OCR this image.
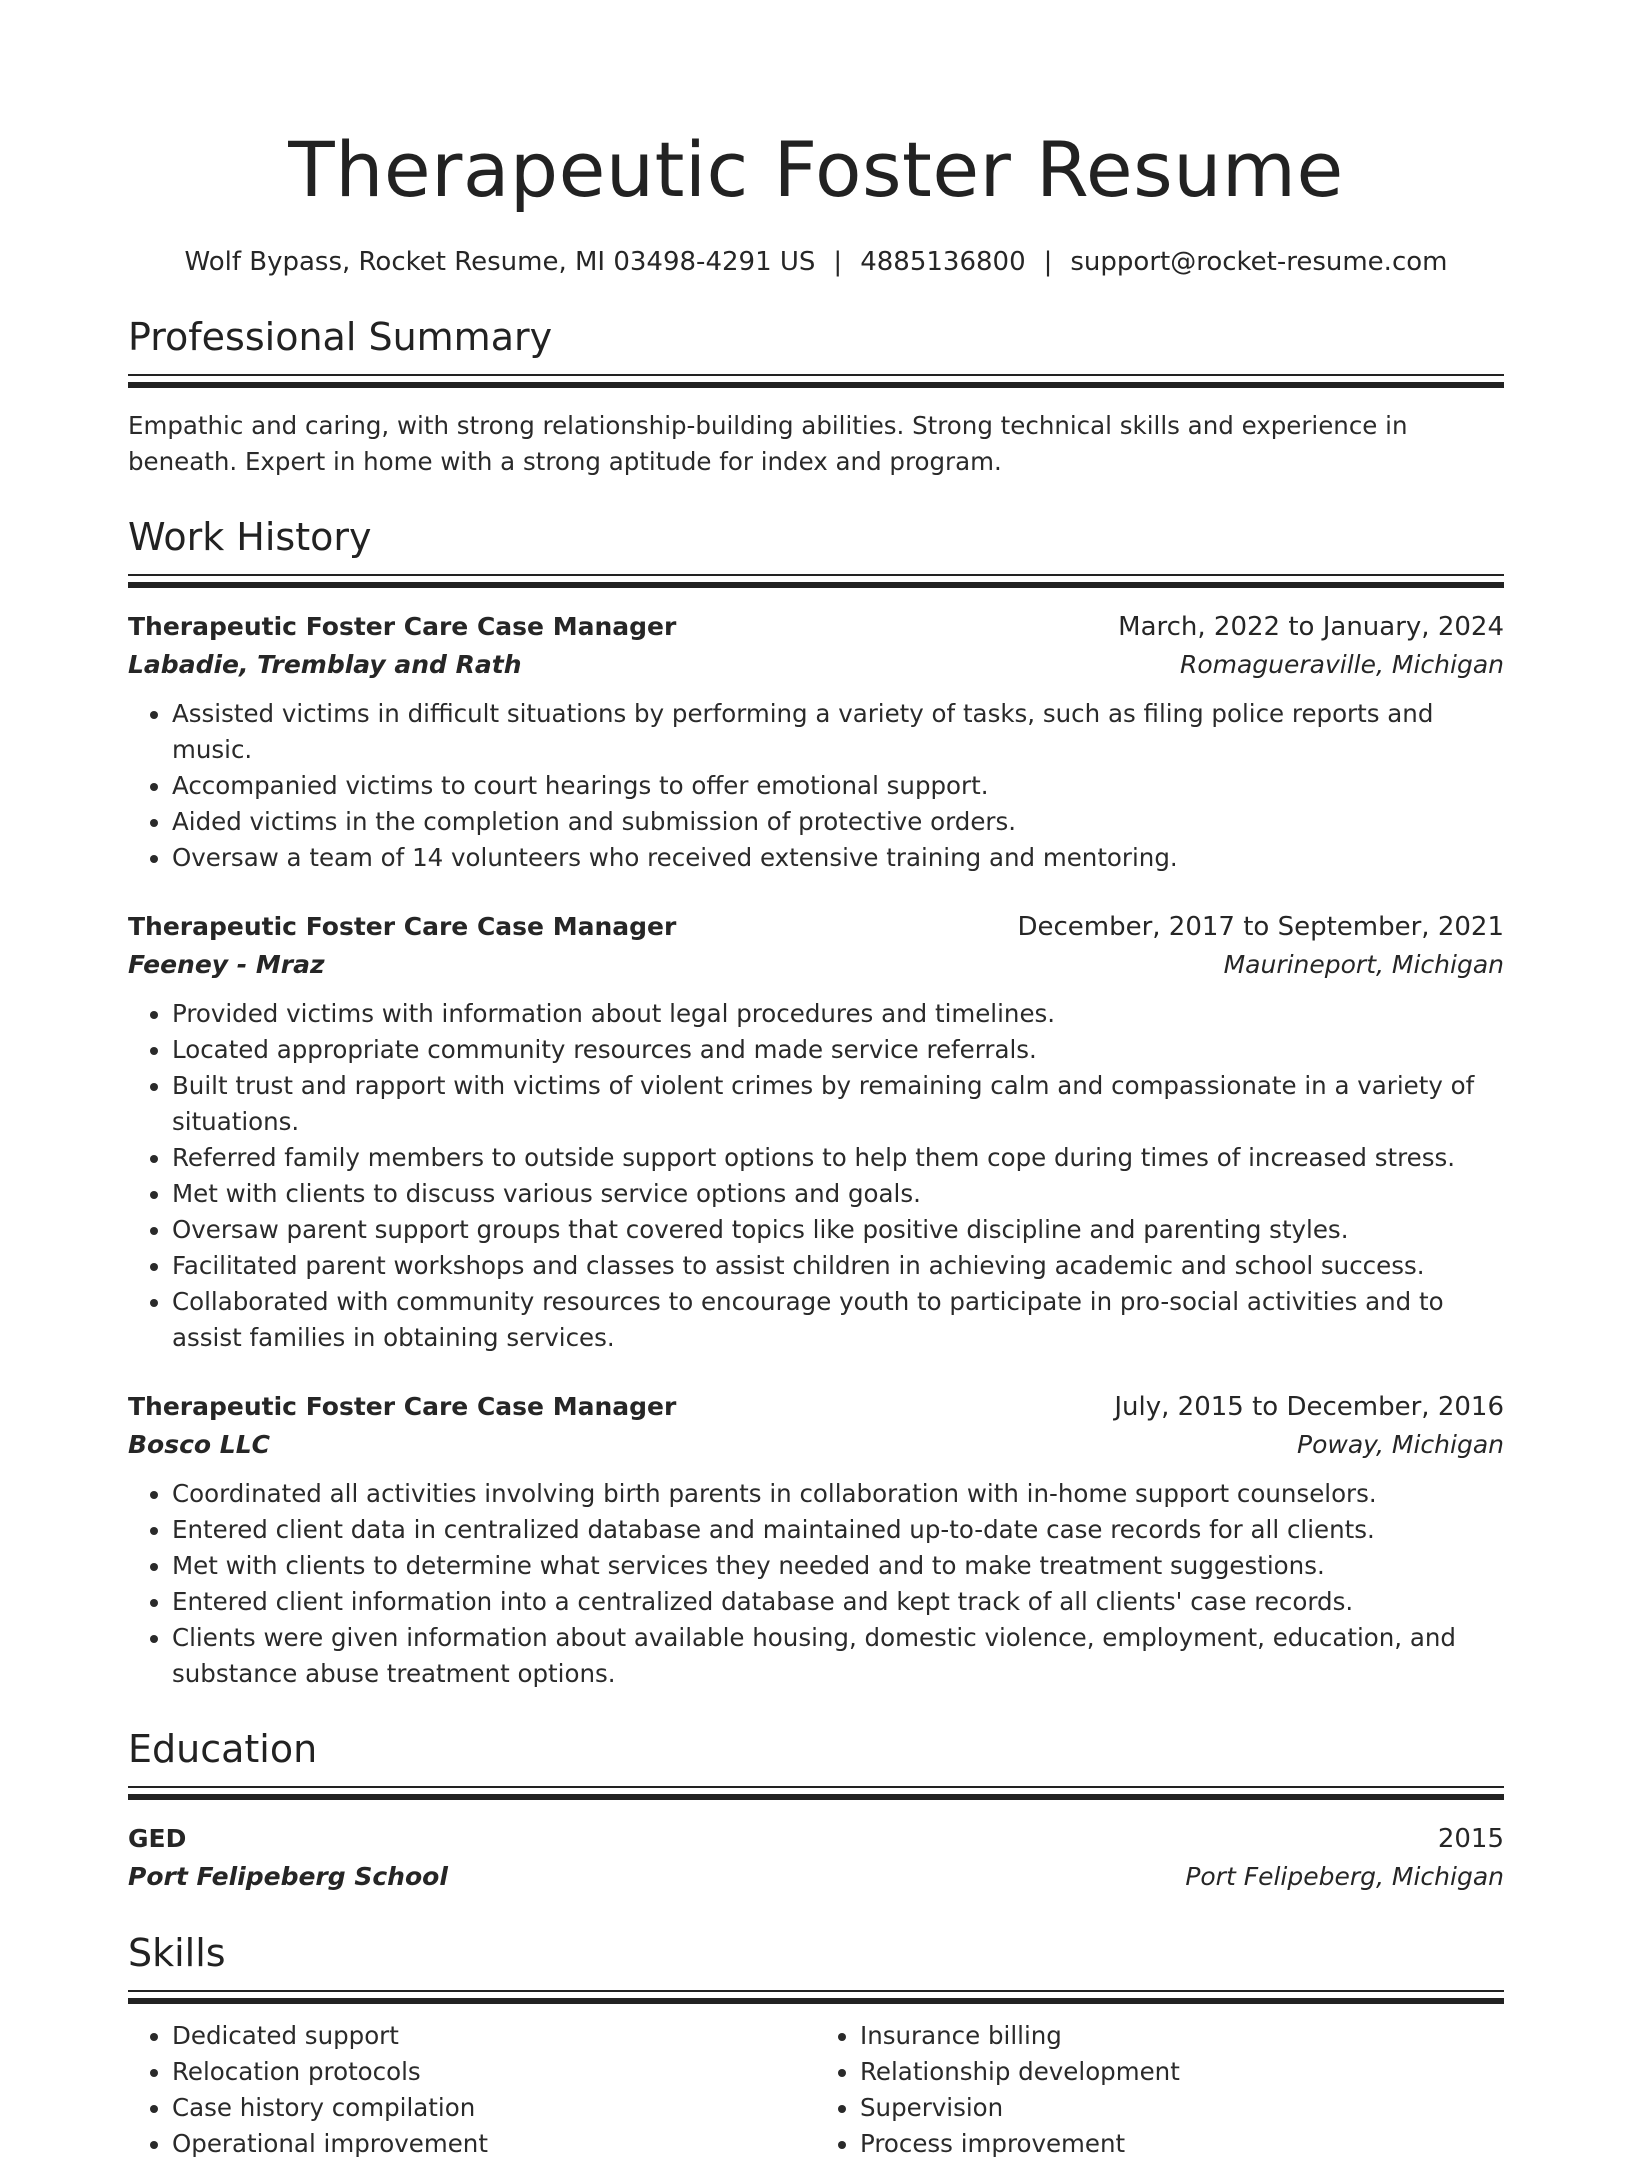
Therapeutic Foster Resume
Wolf Bypass, Rocket Resume, MI 03498-4291 US | 4885136800 | support@rocket-resume.com
Professional Summary
Empathic and caring, with strong relationship-building abilities. Strong technical skills and experience in beneath. Expert in home with a strong aptitude for index and program.
Work History
Therapeutic Foster Care Case Manager	March, 2022 to January, 2024
Labadie, Tremblay and Rath	Romagueraville, Michigan
• Assisted victims in difficult situations by performing a variety of tasks, such as filing police reports and music.
• Accompanied victims to court hearings to offer emotional support.
• Aided victims in the completion and submission of protective orders.
• Oversaw a team of 14 volunteers who received extensive training and mentoring.
Therapeutic Foster Care Case Manager	December, 2017 to September, 2021
Feeney - Mraz	Maurineport, Michigan
• Provided victims with information about legal procedures and timelines.
• Located appropriate community resources and made service referrals.
• Built trust and rapport with victims of violent crimes by remaining calm and compassionate in a variety of situations.
• Referred family members to outside support options to help them cope during times of increased stress.
• Met with clients to discuss various service options and goals.
• Oversaw parent support groups that covered topics like positive discipline and parenting styles.
• Facilitated parent workshops and classes to assist children in achieving academic and school success.
• Collaborated with community resources to encourage youth to participate in pro-social activities and to assist families in obtaining services.
Therapeutic Foster Care Case Manager	July, 2015 to December, 2016
Bosco LLC	Poway, Michigan
• Coordinated all activities involving birth parents in collaboration with in-home support counselors.
• Entered client data in centralized database and maintained up-to-date case records for all clients.
• Met with clients to determine what services they needed and to make treatment suggestions.
• Entered client information into a centralized database and kept track of all clients' case records.
• Clients were given information about available housing, domestic violence, employment, education, and substance abuse treatment options.
Education
GED	2015
Port Felipeberg School	Port Felipeberg, Michigan
Skills
• Dedicated support
• Relocation protocols
• Case history compilation
• Operational improvement
• Insurance billing
• Relationship development
• Supervision
• Process improvement
